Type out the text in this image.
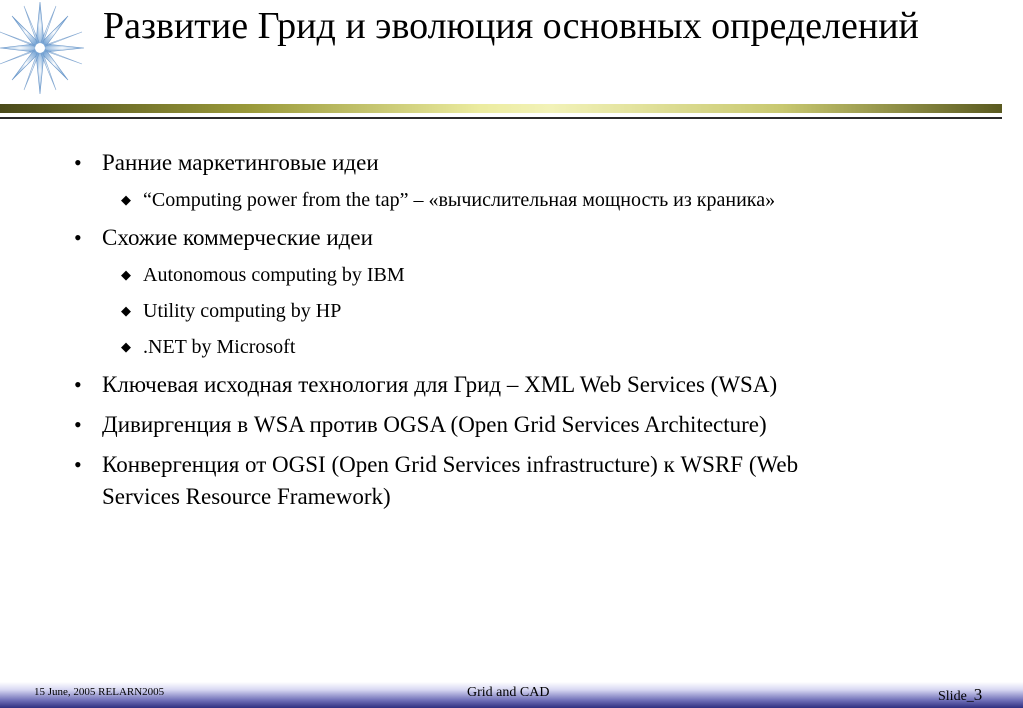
Развитие Грид и эволюция основных определений
• Ранние маркетинговые идеи
◆ “Computing power from the tap” – «вычислительная мощность из краника»
• Схожие коммерческие идеи
◆ Autonomous computing by IBM
◆ Utility computing by HP
◆ .NET by Microsoft
• Ключевая исходная технология для Грид – XML Web Services (WSA)
• Дивиргенция в WSA против OGSA (Open Grid Services Architecture)
• Конвергенция от OGSI (Open Grid Services infrastructure) к WSRF (Web
Services Resource Framework)
15 June, 2005 RELARN2005	Grid and CAD	Slide_3
